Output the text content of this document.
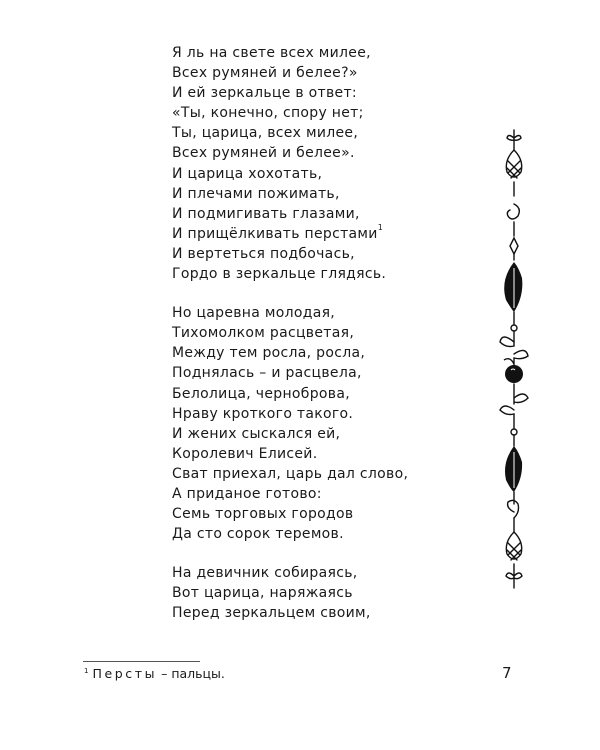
Я ль на свете всех милее,
Всех румяней и белее?»
И ей зеркальце в ответ:
«Ты, конечно, спору нет;
Ты, царица, всех милее,
Всех румяней и белее».
И царица хохотать,
И плечами пожимать,
И подмигивать глазами,
И прищёлкивать перстами$^1$
И вертеться подбочась,
Гордо в зеркальце глядясь.
Но царевна молодая,
Тихомолком расцветая,
Между тем росла, росла,
Поднялась – и расцвела,
Белолица, черноброва,
Нраву кроткого такого.
И жених сыскался ей,
Королевич Елисей.
Сват приехал, царь дал слово,
А приданое готово:
Семь торговых городов
Да сто сорок теремов.
На девичник собираясь,
Вот царица, наряжаясь
Перед зеркальцем своим,
$^1$ Персты – пальцы.	7
